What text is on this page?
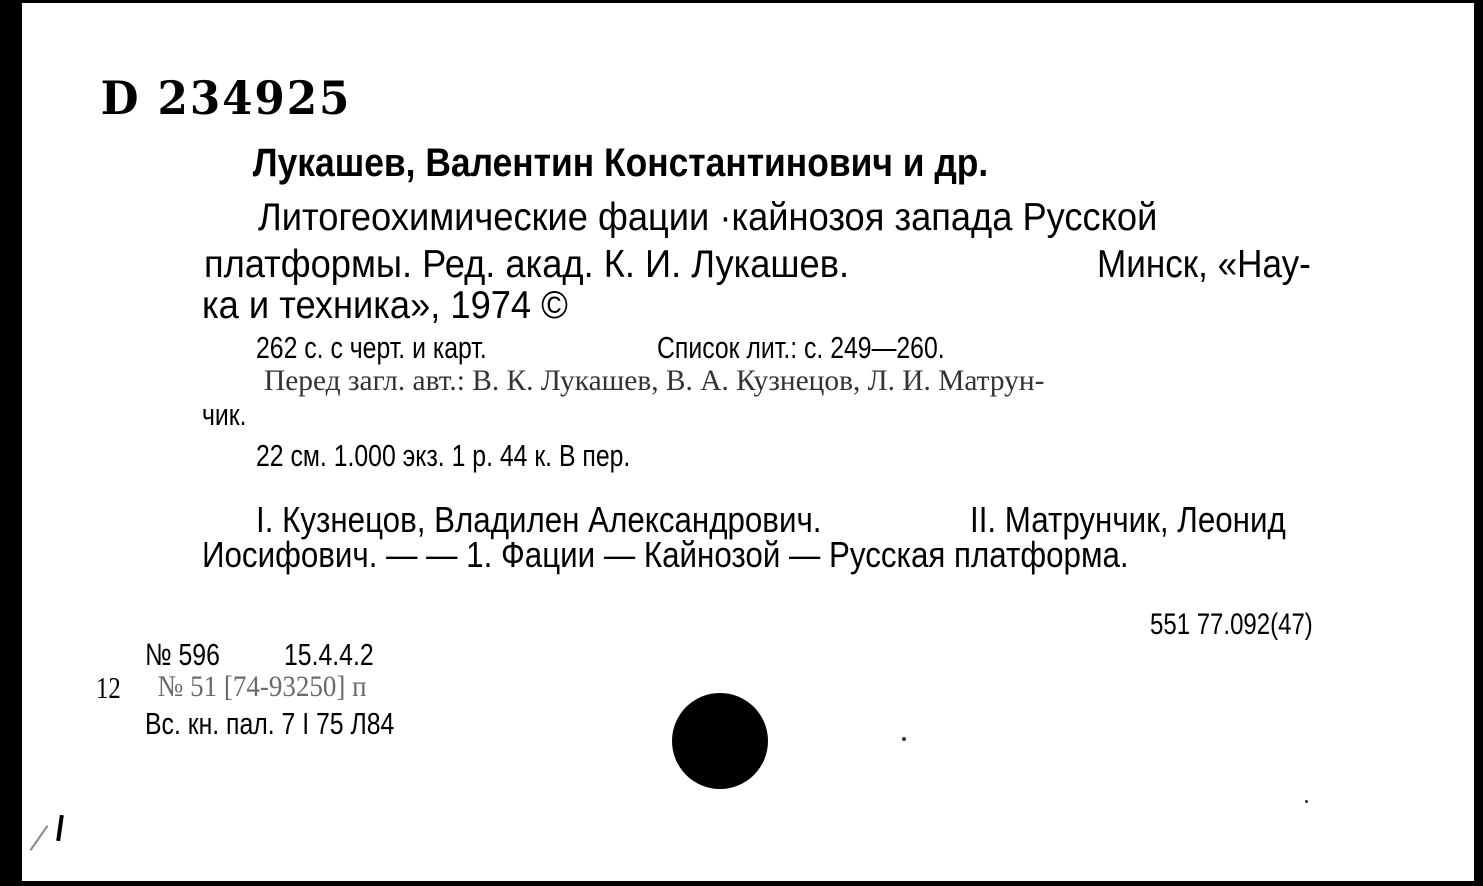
D 234925
Лукашев, Валентин Константинович и др.
Литогеохимические фации ·кайнозоя запада Русской
платформы. Ред. акад. К. И. Лукашев.	Минск, «Нау-
ка и техника», 1974 ©
262 с. с черт. и карт.	Список лит.: с. 249—260.
Перед загл. авт.: В. К. Лукашев, В. А. Кузнецов, Л. И. Матрун-
чик.
22 см. 1.000 экз. 1 р. 44 к. В пер.
I. Кузнецов, Владилен Александрович.	II. Матрунчик, Леонид
Иосифович. — — 1. Фации — Кайнозой — Русская платформа.
551 77.092(47)
№ 596 15.4.4.2
12 № 51 [74-93250] п
Вс. кн. пал. 7 I 75 Л84
